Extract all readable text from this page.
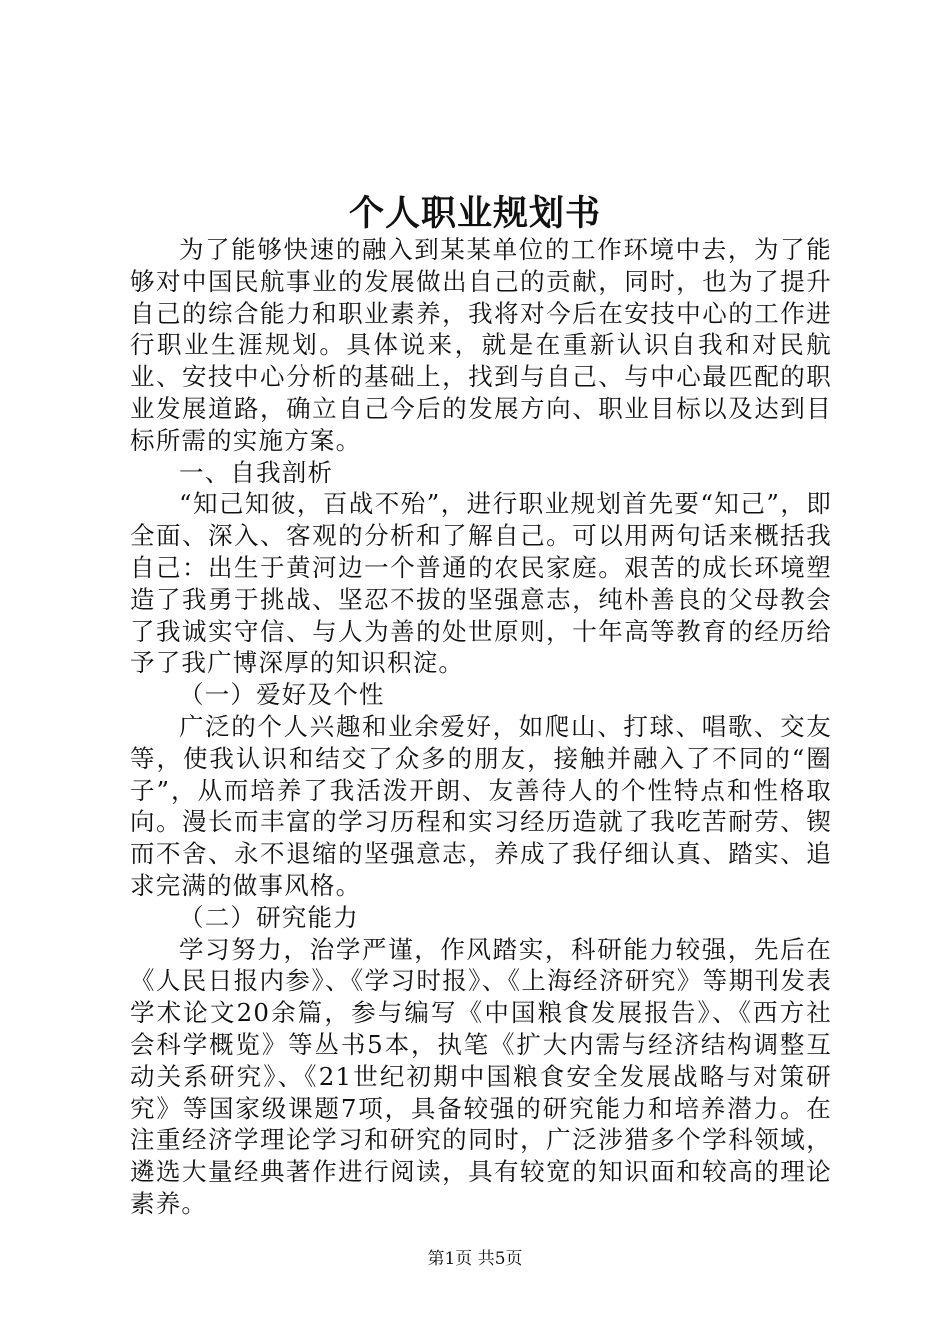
个人职业规划书

为了能够快速的融入到某某单位的工作环境中去，为了能够对中国民航事业的发展做出自己的贡献，同时，也为了提升自己的综合能力和职业素养，我将对今后在安技中心的工作进行职业生涯规划。具体说来，就是在重新认识自我和对民航业、安技中心分析的基础上，找到与自己、与中心最匹配的职业发展道路，确立自己今后的发展方向、职业目标以及达到目标所需的实施方案。

一、自我剖析

“知己知彼，百战不殆”，进行职业规划首先要“知己”，即全面、深入、客观的分析和了解自己。可以用两句话来概括我自己：出生于黄河边一个普通的农民家庭。艰苦的成长环境塑造了我勇于挑战、坚忍不拔的坚强意志，纯朴善良的父母教会了我诚实守信、与人为善的处世原则，十年高等教育的经历给予了我广博深厚的知识积淀。

（一）爱好及个性

广泛的个人兴趣和业余爱好，如爬山、打球、唱歌、交友等，使我认识和结交了众多的朋友，接触并融入了不同的“圈子”，从而培养了我活泼开朗、友善待人的个性特点和性格取向。漫长而丰富的学习历程和实习经历造就了我吃苦耐劳、锲而不舍、永不退缩的坚强意志，养成了我仔细认真、踏实、追求完满的做事风格。

（二）研究能力

学习努力，治学严谨，作风踏实，科研能力较强，先后在《人民日报内参》、《学习时报》、《上海经济研究》等期刊发表学术论文20余篇，参与编写《中国粮食发展报告》、《西方社会科学概览》等丛书5本，执笔《扩大内需与经济结构调整互动关系研究》、《21世纪初期中国粮食安全发展战略与对策研究》等国家级课题7项，具备较强的研究能力和培养潜力。在注重经济学理论学习和研究的同时，广泛涉猎多个学科领域，遴选大量经典著作进行阅读，具有较宽的知识面和较高的理论素养。

第1页 共5页
